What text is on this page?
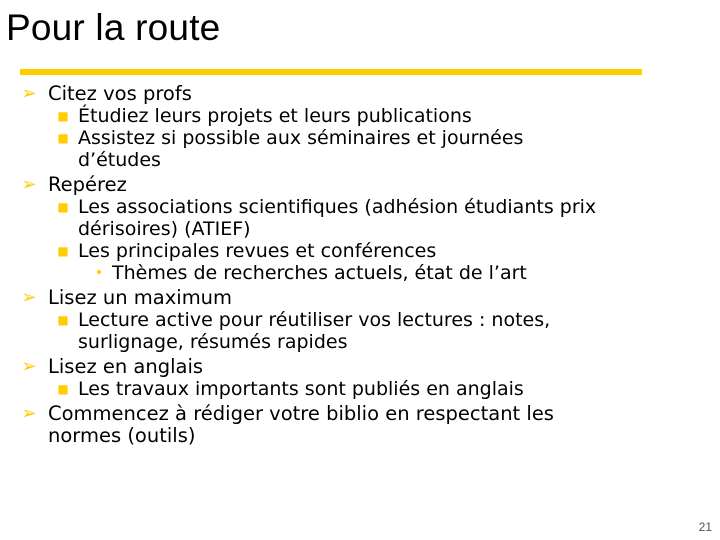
Pour la route
➢ Citez vos profs
■ Étudiez leurs projets et leurs publications
■ Assistez si possible aux séminaires et journées
d’études
➢ Repérez
■ Les associations scientifiques (adhésion étudiants prix
dérisoires) (ATIEF)
■ Les principales revues et conférences
• Thèmes de recherches actuels, état de l’art
➢ Lisez un maximum
■ Lecture active pour réutiliser vos lectures : notes,
surlignage, résumés rapides
➢ Lisez en anglais
■ Les travaux importants sont publiés en anglais
➢ Commencez à rédiger votre biblio en respectant les
normes (outils)
21
